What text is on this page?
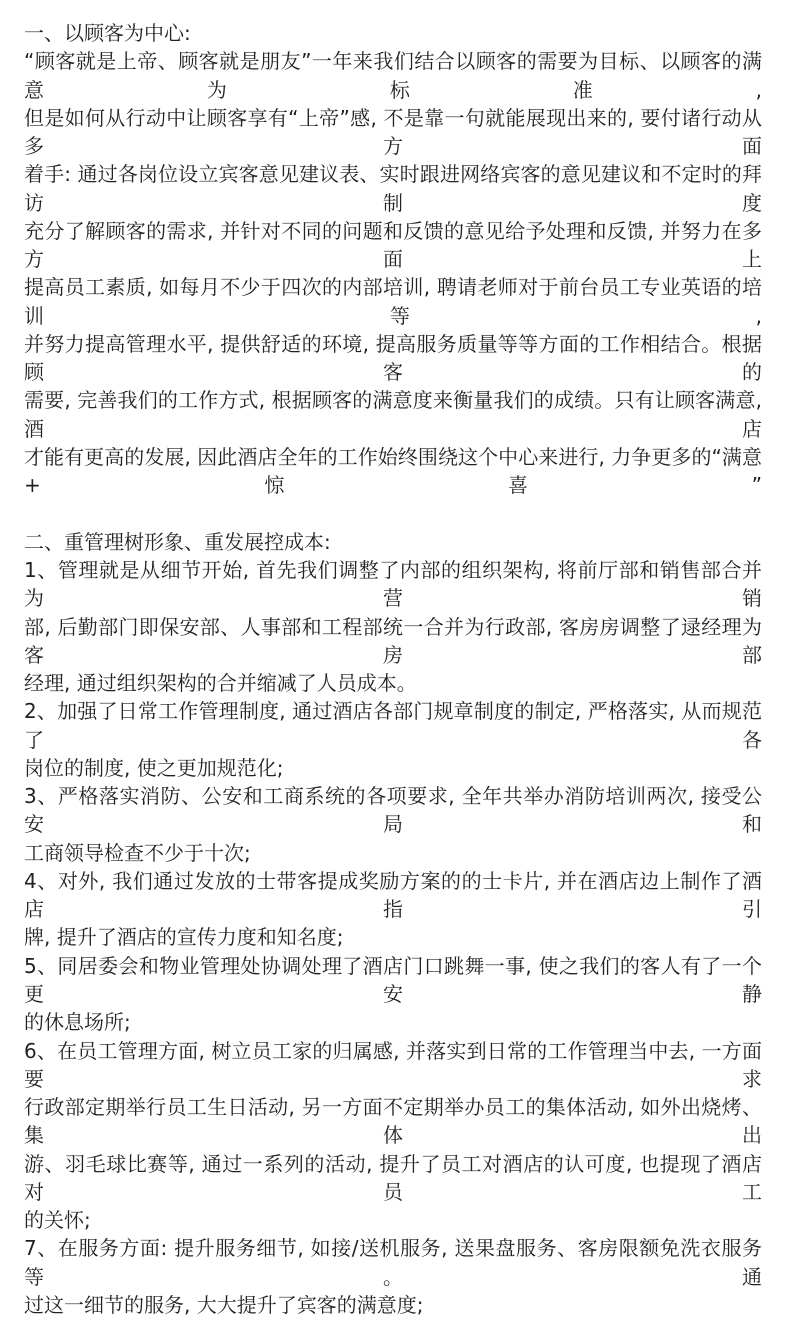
一、以顾客为中心:
“顾客就是上帝、顾客就是朋友”一年来我们结合以顾客的需要为目标、以顾客的满意为标准,
但是如何从行动中让顾客享有“上帝”感, 不是靠一句就能展现出来的, 要付诸行动从多方面
着手: 通过各岗位设立宾客意见建议表、实时跟进网络宾客的意见建议和不定时的拜访制度
充分了解顾客的需求, 并针对不同的问题和反馈的意见给予处理和反馈, 并努力在多方面上
提高员工素质, 如每月不少于四次的内部培训, 聘请老师对于前台员工专业英语的培训等,
并努力提高管理水平, 提供舒适的环境, 提高服务质量等等方面的工作相结合。根据顾客的
需要, 完善我们的工作方式, 根据顾客的满意度来衡量我们的成绩。只有让顾客满意, 酒店
才能有更高的发展, 因此酒店全年的工作始终围绕这个中心来进行, 力争更多的“满意+惊喜”
二、重管理树形象、重发展控成本:
1、管理就是从细节开始, 首先我们调整了内部的组织架构, 将前厅部和销售部合并为营销
部, 后勤部门即保安部、人事部和工程部统一合并为行政部, 客房房调整了逯经理为客房部
经理, 通过组织架构的合并缩减了人员成本。
2、加强了日常工作管理制度, 通过酒店各部门规章制度的制定, 严格落实, 从而规范了各
岗位的制度, 使之更加规范化;
3、严格落实消防、公安和工商系统的各项要求, 全年共举办消防培训两次, 接受公安局和
工商领导检查不少于十次;
4、对外, 我们通过发放的士带客提成奖励方案的的士卡片, 并在酒店边上制作了酒店指引
牌, 提升了酒店的宣传力度和知名度;
5、同居委会和物业管理处协调处理了酒店门口跳舞一事, 使之我们的客人有了一个更安静
的休息场所;
6、在员工管理方面, 树立员工家的归属感, 并落实到日常的工作管理当中去, 一方面要求
行政部定期举行员工生日活动, 另一方面不定期举办员工的集体活动, 如外出烧烤、集体出
游、羽毛球比赛等, 通过一系列的活动, 提升了员工对酒店的认可度, 也提现了酒店对员工
的关怀;
7、在服务方面: 提升服务细节, 如接/送机服务, 送果盘服务、客房限额免洗衣服务等。通
过这一细节的服务, 大大提升了宾客的满意度;
